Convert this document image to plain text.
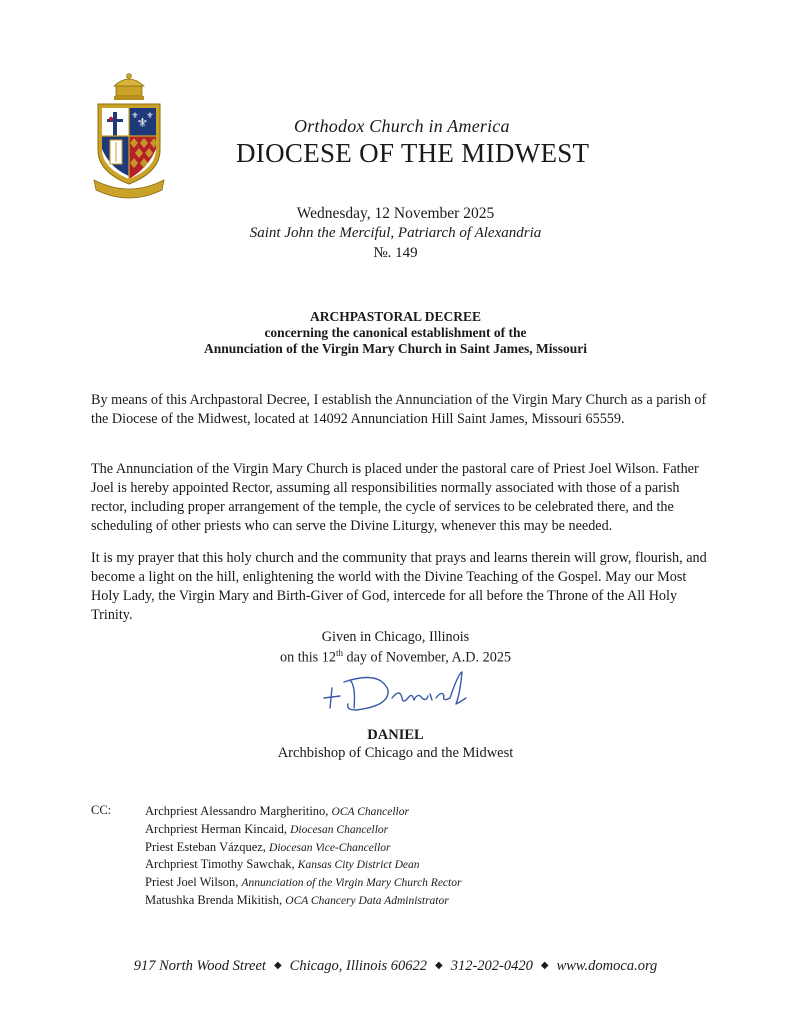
⚜
⚜ ⚜
Orthodox Church in America
DIOCESE OF THE MIDWEST
Wednesday, 12 November 2025
Saint John the Merciful, Patriarch of Alexandria
№. 149
ARCHPASTORAL DECREE
concerning the canonical establishment of the
Annunciation of the Virgin Mary Church in Saint James, Missouri
By means of this Archpastoral Decree, I establish the Annunciation of the Virgin Mary Church as a parish of the Diocese of the Midwest, located at 14092 Annunciation Hill Saint James, Missouri 65559.
The Annunciation of the Virgin Mary Church is placed under the pastoral care of Priest Joel Wilson. Father Joel is hereby appointed Rector, assuming all responsibilities normally associated with those of a parish rector, including proper arrangement of the temple, the cycle of services to be celebrated there, and the scheduling of other priests who can serve the Divine Liturgy, whenever this may be needed.
It is my prayer that this holy church and the community that prays and learns therein will grow, flourish, and become a light on the hill, enlightening the world with the Divine Teaching of the Gospel. May our Most Holy Lady, the Virgin Mary and Birth-Giver of God, intercede for all before the Throne of the All Holy Trinity.
Given in Chicago, Illinois
on this 12th day of November, A.D. 2025
DANIEL
Archbishop of Chicago and the Midwest
CC:	Archpriest Alessandro Margheritino, OCA Chancellor
Archpriest Herman Kincaid, Diocesan Chancellor
Priest Esteban Vázquez, Diocesan Vice-Chancellor
Archpriest Timothy Sawchak, Kansas City District Dean
Priest Joel Wilson, Annunciation of the Virgin Mary Church Rector
Matushka Brenda Mikitish, OCA Chancery Data Administrator
917 North Wood Street ◆ Chicago, Illinois 60622 ◆ 312-202-0420 ◆ www.domoca.org
